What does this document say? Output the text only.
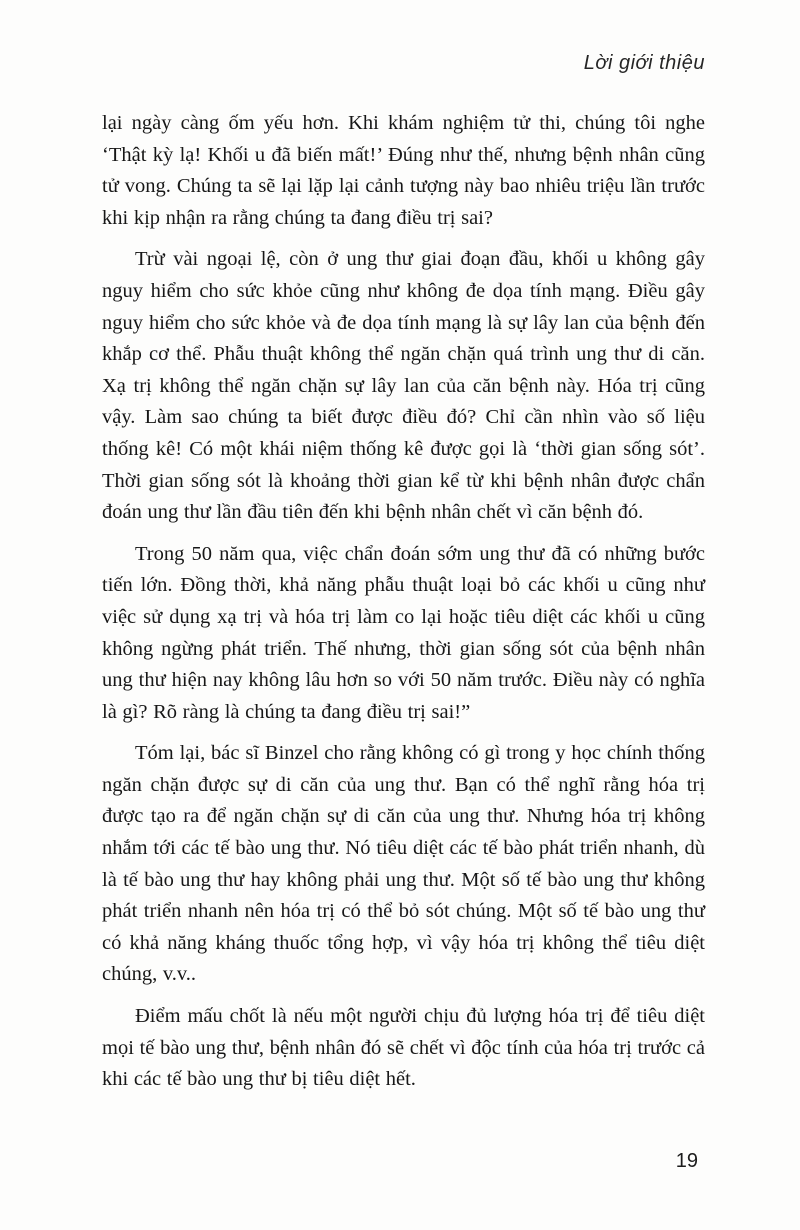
Lời giới thiệu

lại ngày càng ốm yếu hơn. Khi khám nghiệm tử thi, chúng tôi nghe ‘Thật kỳ lạ! Khối u đã biến mất!’ Đúng như thế, nhưng bệnh nhân cũng tử vong. Chúng ta sẽ lại lặp lại cảnh tượng này bao nhiêu triệu lần trước khi kịp nhận ra rằng chúng ta đang điều trị sai?

Trừ vài ngoại lệ, còn ở ung thư giai đoạn đầu, khối u không gây nguy hiểm cho sức khỏe cũng như không đe dọa tính mạng. Điều gây nguy hiểm cho sức khỏe và đe dọa tính mạng là sự lây lan của bệnh đến khắp cơ thể. Phẫu thuật không thể ngăn chặn quá trình ung thư di căn. Xạ trị không thể ngăn chặn sự lây lan của căn bệnh này. Hóa trị cũng vậy. Làm sao chúng ta biết được điều đó? Chỉ cần nhìn vào số liệu thống kê! Có một khái niệm thống kê được gọi là ‘thời gian sống sót’. Thời gian sống sót là khoảng thời gian kể từ khi bệnh nhân được chẩn đoán ung thư lần đầu tiên đến khi bệnh nhân chết vì căn bệnh đó.

Trong 50 năm qua, việc chẩn đoán sớm ung thư đã có những bước tiến lớn. Đồng thời, khả năng phẫu thuật loại bỏ các khối u cũng như việc sử dụng xạ trị và hóa trị làm co lại hoặc tiêu diệt các khối u cũng không ngừng phát triển. Thế nhưng, thời gian sống sót của bệnh nhân ung thư hiện nay không lâu hơn so với 50 năm trước. Điều này có nghĩa là gì? Rõ ràng là chúng ta đang điều trị sai!”

Tóm lại, bác sĩ Binzel cho rằng không có gì trong y học chính thống ngăn chặn được sự di căn của ung thư. Bạn có thể nghĩ rằng hóa trị được tạo ra để ngăn chặn sự di căn của ung thư. Nhưng hóa trị không nhắm tới các tế bào ung thư. Nó tiêu diệt các tế bào phát triển nhanh, dù là tế bào ung thư hay không phải ung thư. Một số tế bào ung thư không phát triển nhanh nên hóa trị có thể bỏ sót chúng. Một số tế bào ung thư có khả năng kháng thuốc tổng hợp, vì vậy hóa trị không thể tiêu diệt chúng, v.v..

Điểm mấu chốt là nếu một người chịu đủ lượng hóa trị để tiêu diệt mọi tế bào ung thư, bệnh nhân đó sẽ chết vì độc tính của hóa trị trước cả khi các tế bào ung thư bị tiêu diệt hết.

19
